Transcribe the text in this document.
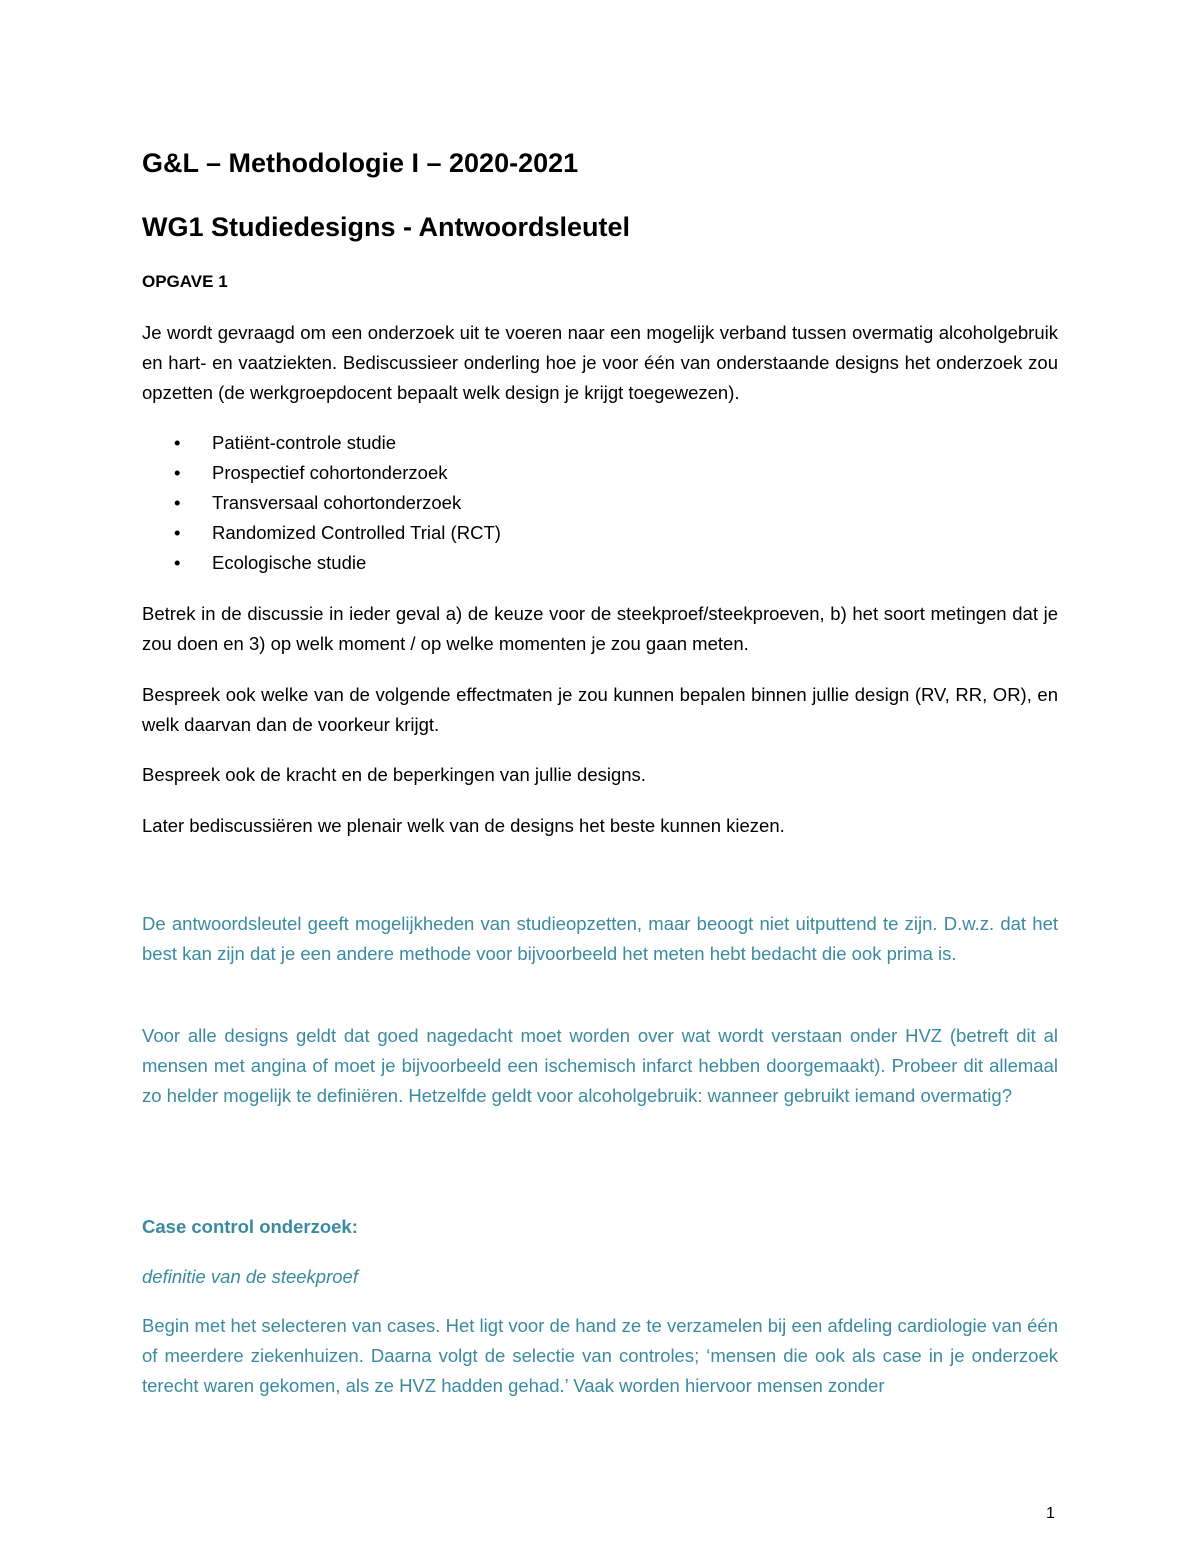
G&L – Methodologie I – 2020-2021
WG1 Studiedesigns - Antwoordsleutel
OPGAVE 1

Je wordt gevraagd om een onderzoek uit te voeren naar een mogelijk verband tussen overmatig alcoholgebruik en hart- en vaatziekten. Bediscussieer onderling hoe je voor één van onderstaande designs het onderzoek zou opzetten (de werkgroepdocent bepaalt welk design je krijgt toegewezen).

• Patiënt-controle studie
• Prospectief cohortonderzoek
• Transversaal cohortonderzoek
• Randomized Controlled Trial (RCT)
• Ecologische studie

Betrek in de discussie in ieder geval a) de keuze voor de steekproef/steekproeven, b) het soort metingen dat je zou doen en 3) op welk moment / op welke momenten je zou gaan meten.

Bespreek ook welke van de volgende effectmaten je zou kunnen bepalen binnen jullie design (RV, RR, OR), en welk daarvan dan de voorkeur krijgt.

Bespreek ook de kracht en de beperkingen van jullie designs.

Later bediscussiëren we plenair welk van de designs het beste kunnen kiezen.

De antwoordsleutel geeft mogelijkheden van studieopzetten, maar beoogt niet uitputtend te zijn. D.w.z. dat het best kan zijn dat je een andere methode voor bijvoorbeeld het meten hebt bedacht die ook prima is.

Voor alle designs geldt dat goed nagedacht moet worden over wat wordt verstaan onder HVZ (betreft dit al mensen met angina of moet je bijvoorbeeld een ischemisch infarct hebben doorgemaakt). Probeer dit allemaal zo helder mogelijk te definiëren. Hetzelfde geldt voor alcoholgebruik: wanneer gebruikt iemand overmatig?

Case control onderzoek:

definitie van de steekproef

Begin met het selecteren van cases. Het ligt voor de hand ze te verzamelen bij een afdeling cardiologie van één of meerdere ziekenhuizen. Daarna volgt de selectie van controles; ‘mensen die ook als case in je onderzoek terecht waren gekomen, als ze HVZ hadden gehad.’ Vaak worden hiervoor mensen zonder

1
